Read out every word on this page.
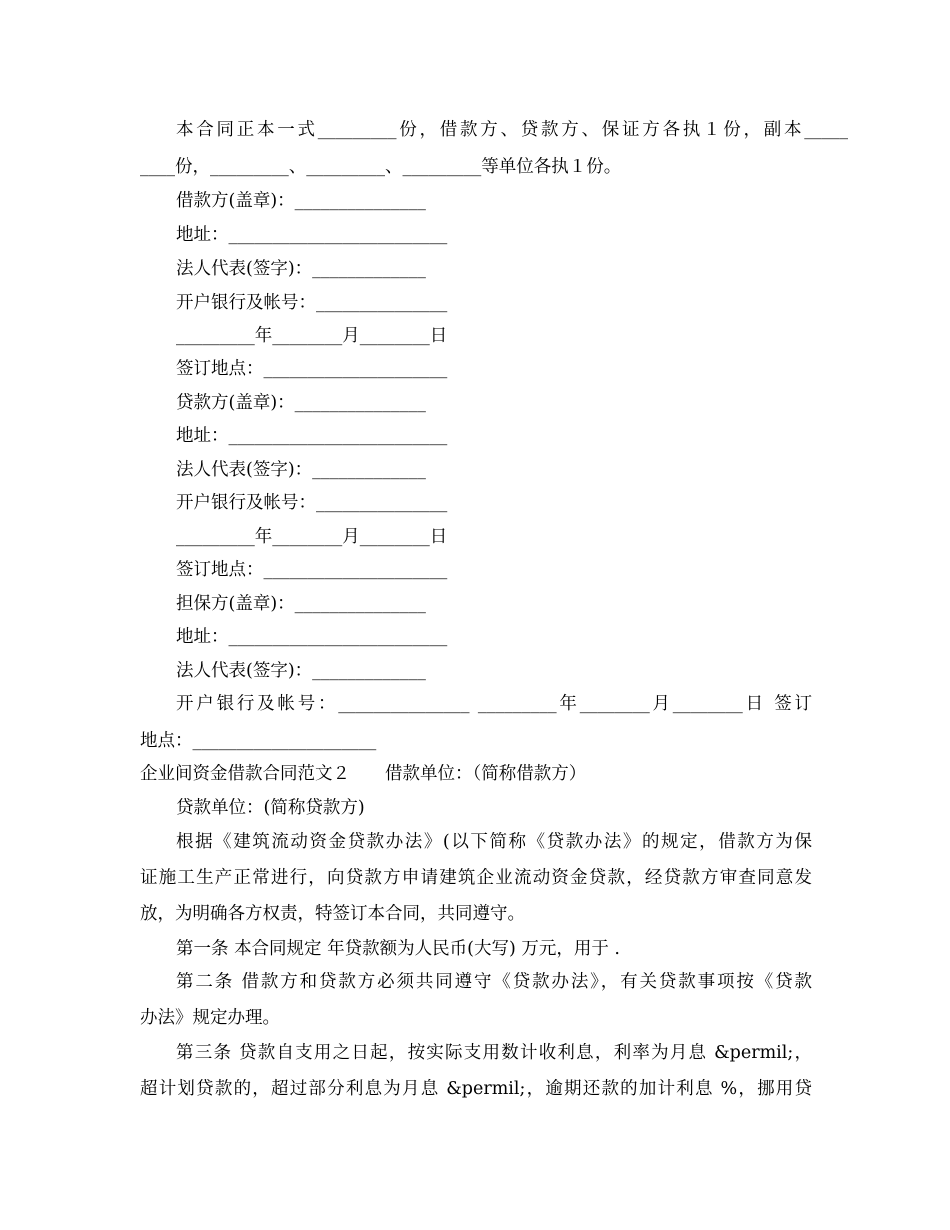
本合同正本一式_________份，借款方、贷款方、保证方各执１份，副本_____
____份，_________、_________、_________等单位各执１份。
借款方(盖章)：_______________
地址：_________________________
法人代表(签字)：_____________
开户银行及帐号：_______________
_________年________月________日
签订地点：_____________________
贷款方(盖章)：_______________
地址：_________________________
法人代表(签字)：_____________
开户银行及帐号：_______________
_________年________月________日
签订地点：_____________________
担保方(盖章)：_______________
地址：_________________________
法人代表(签字)：_____________
开户银行及帐号：_______________ _________年________月________日 签订
地点：_____________________
企业间资金借款合同范文２　　借款单位：（简称借款方）
贷款单位：(简称贷款方)
根据《建筑流动资金贷款办法》(以下简称《贷款办法》的规定，借款方为保
证施工生产正常进行，向贷款方申请建筑企业流动资金贷款，经贷款方审查同意发
放，为明确各方权责，特签订本合同，共同遵守。
第一条 本合同规定 年贷款额为人民币(大写) 万元，用于 .
第二条 借款方和贷款方必须共同遵守《贷款办法》，有关贷款事项按《贷款
办法》规定办理。
第三条 贷款自支用之日起，按实际支用数计收利息，利率为月息 &permil;，
超计划贷款的，超过部分利息为月息 &permil;，逾期还款的加计利息 %，挪用贷
